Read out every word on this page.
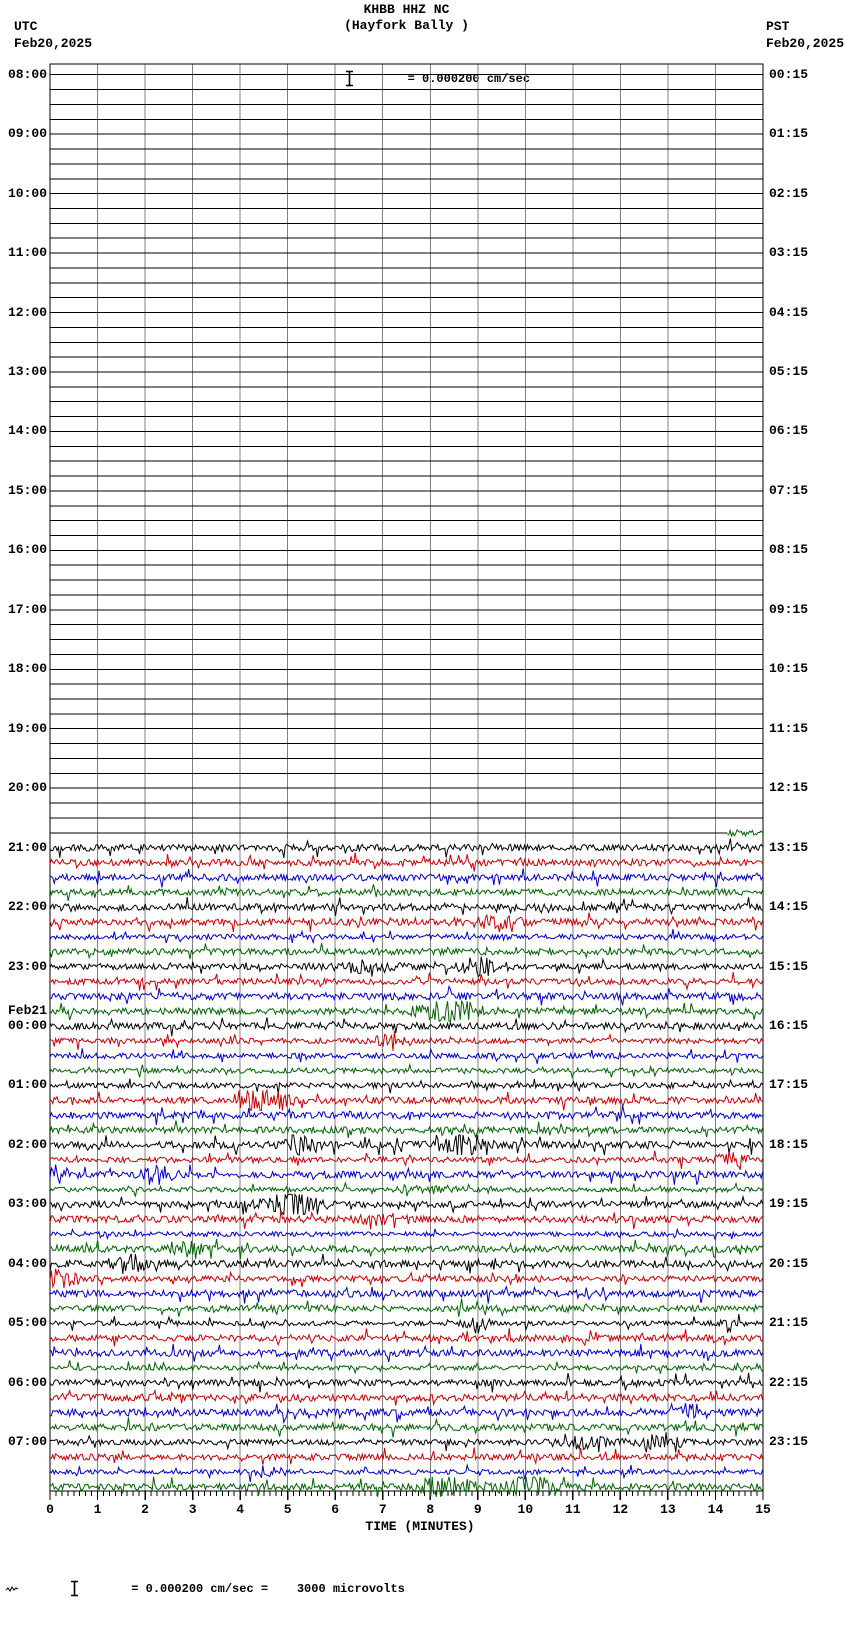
KHBB HHZ NC
(Hayfork Bally )

= 0.000200 cm/sec
UTC
Feb20,2025
PST
Feb20,2025
08:00	00:15
09:00	01:15
10:00	02:15
11:00	03:15
12:00	04:15
13:00	05:15
14:00	06:15
15:00	07:15
16:00	08:15
17:00	09:15
18:00	10:15
19:00	11:15
20:00	12:15
21:00	13:15
22:00	14:15
23:00	15:15
00:00	16:15
Feb21
01:00	17:15
02:00	18:15
03:00	19:15
04:00	20:15
05:00	21:15
06:00	22:15
07:00	23:15
0	1	2	3	4	5	6	7	8	9	10	11	12	13	14	15
TIME (MINUTES)

= 0.000200 cm/sec =    3000 microvolts
